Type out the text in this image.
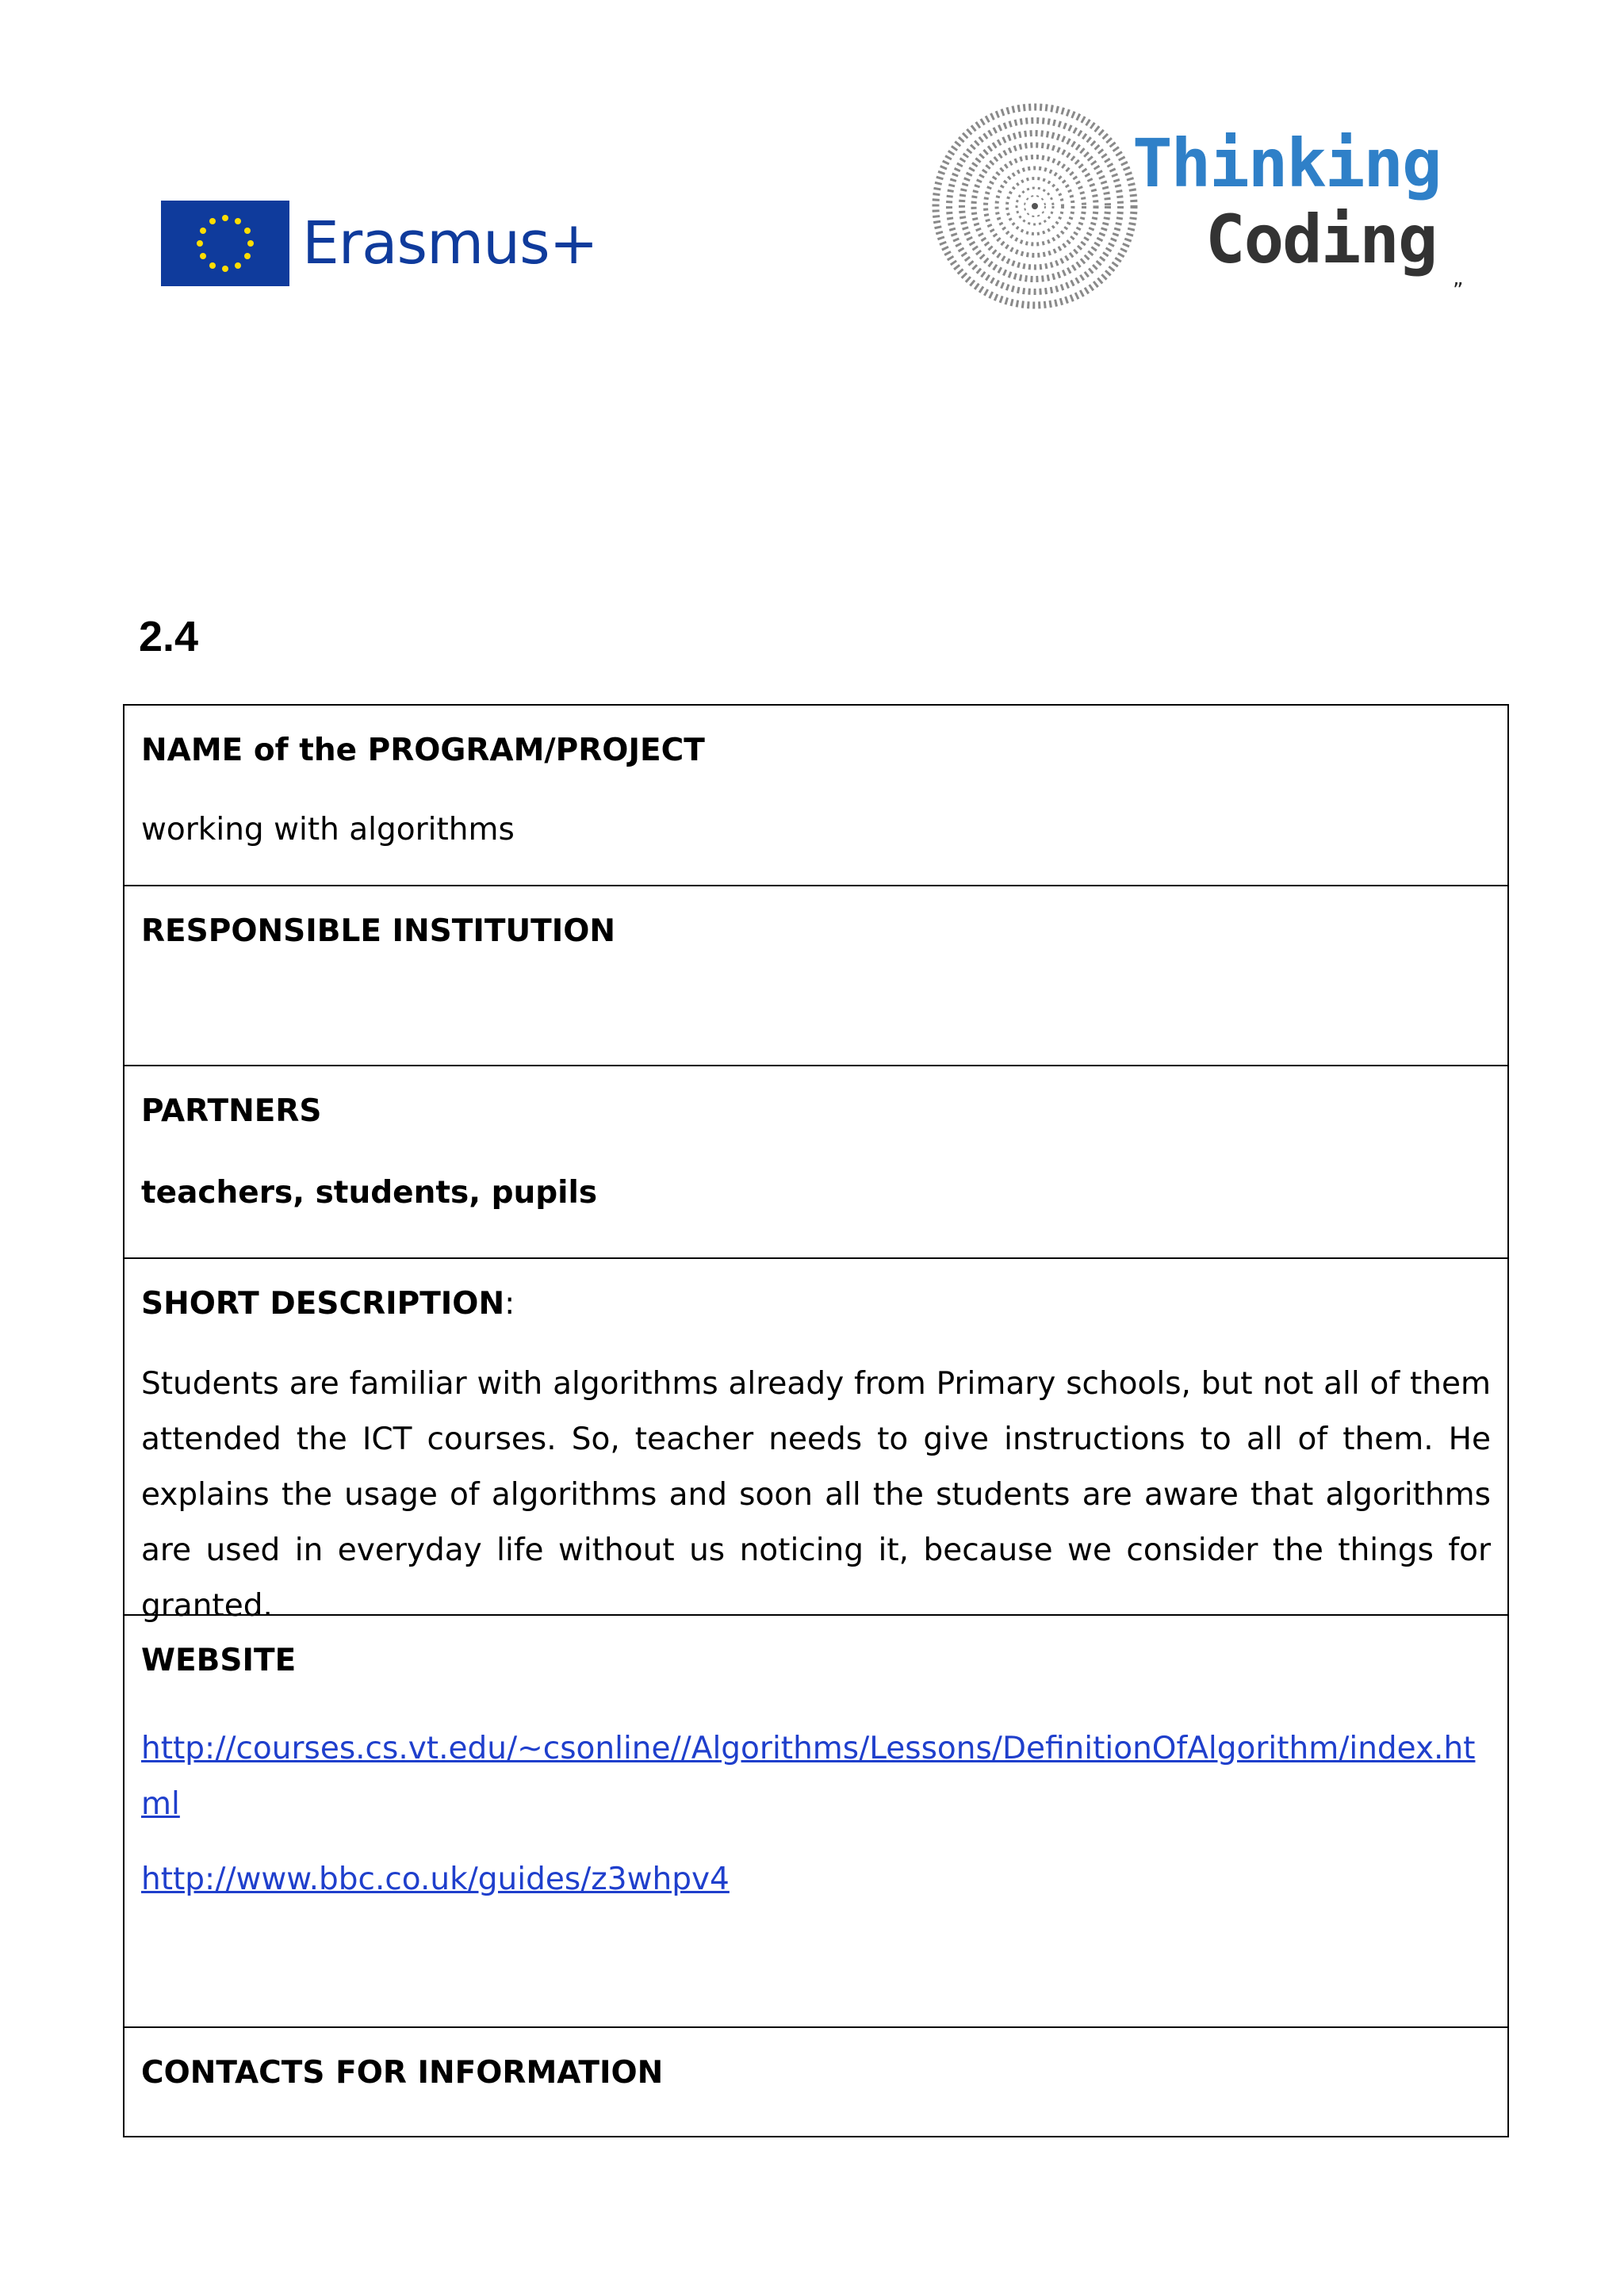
Erasmus+
Thinking
Coding
”
2.4
NAME of the PROGRAM/PROJECT
working with algorithms
RESPONSIBLE INSTITUTION
PARTNERS
teachers, students, pupils
SHORT DESCRIPTION:
Students are familiar with algorithms already from Primary schools, but not all of them attended the ICT courses. So, teacher needs to give instructions to all of them. He explains the usage of algorithms and soon all the students are aware that algorithms are used in everyday life without us noticing it, because we consider the things for granted.
WEBSITE
http://courses.cs.vt.edu/~csonline//Algorithms/Lessons/DefinitionOfAlgorithm/index.html
http://www.bbc.co.uk/guides/z3whpv4
CONTACTS FOR INFORMATION
